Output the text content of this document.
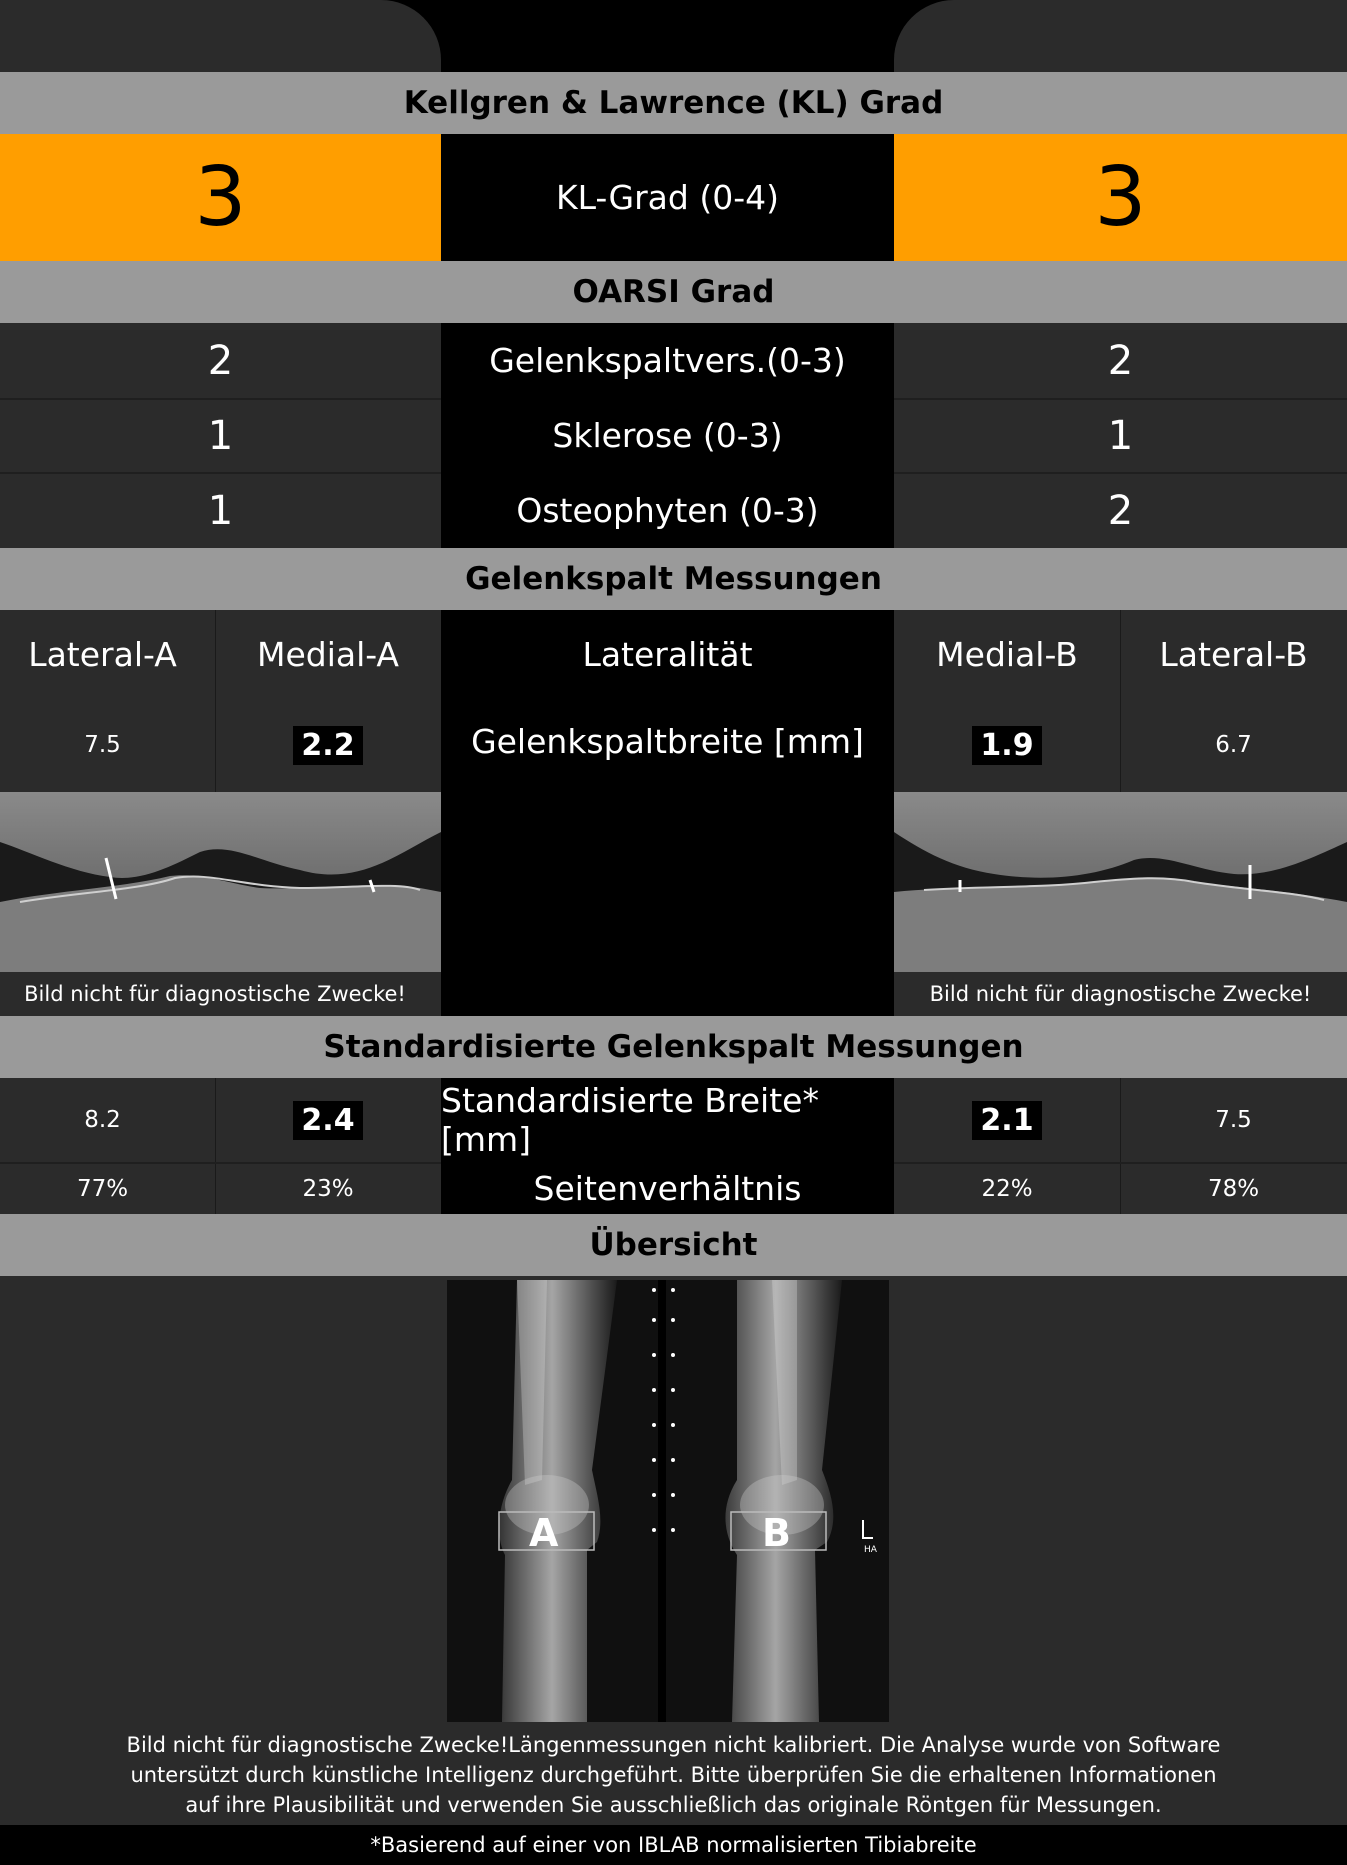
Kellgren & Lawrence (KL) Grad
3	KL-Grad (0-4)	3
OARSI Grad
2	Gelenkspaltvers.(0-3)	2
1	Sklerose (0-3)	1
1	Osteophyten (0-3)	2
Gelenkspalt Messungen
Lateral-A	Medial-A	Lateralität	Medial-B	Lateral-B
7.5	2.2	Gelenkspaltbreite [mm]	1.9	6.7
Bild nicht für diagnostische Zwecke!	Bild nicht für diagnostische Zwecke!
Standardisierte Gelenkspalt Messungen
8.2	2.4	Standardisierte Breite* [mm]	2.1	7.5
77%	23%	Seitenverhältnis	22%	78%
Übersicht
A	B	HA
Bild nicht für diagnostische Zwecke!Längenmessungen nicht kalibriert. Die Analyse wurde von Software
untersützt durch künstliche Intelligenz durchgeführt. Bitte überprüfen Sie die erhaltenen Informationen
auf ihre Plausibilität und verwenden Sie ausschließlich das originale Röntgen für Messungen.
*Basierend auf einer von IBLAB normalisierten Tibiabreite
